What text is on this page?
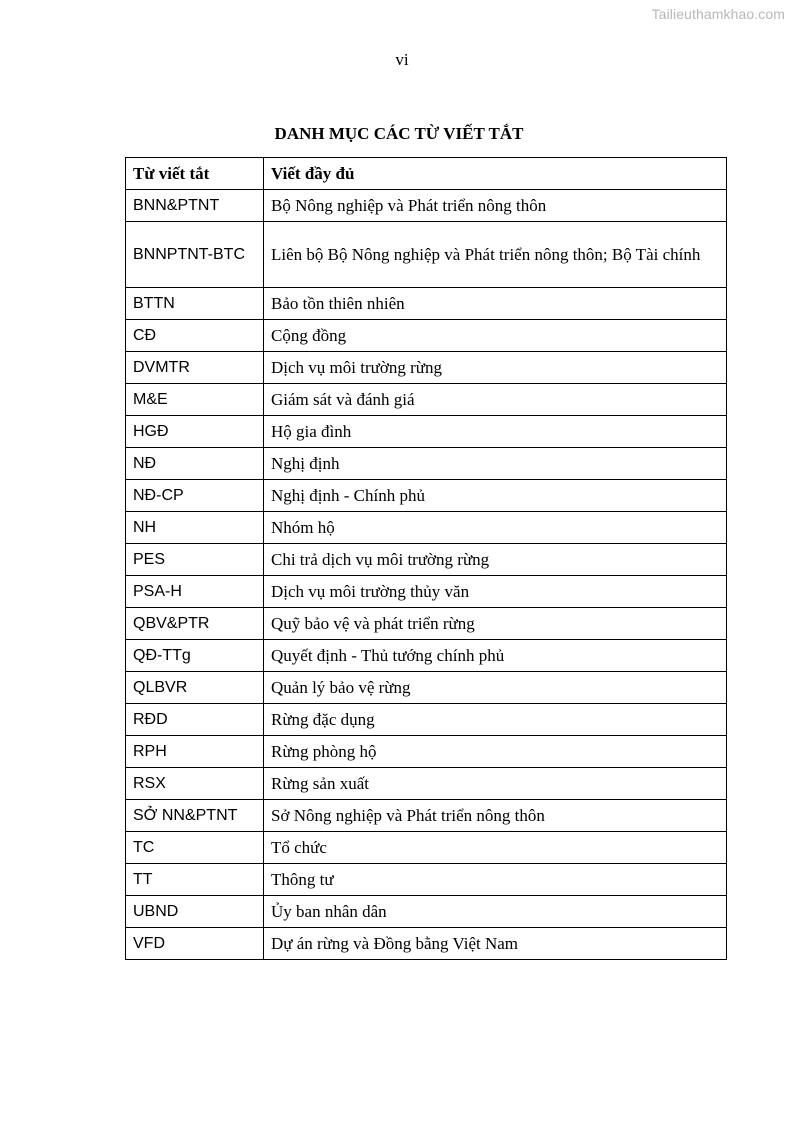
Tailieuthamkhao.com
vi
DANH MỤC CÁC TỪ VIẾT TẮT
Từ viết tắt	Viết đầy đủ
BNN&PTNT	Bộ Nông nghiệp và Phát triển nông thôn
BNNPTNT-BTC	Liên bộ Bộ Nông nghiệp và Phát triển nông thôn; Bộ Tài chính
BTTN	Bảo tồn thiên nhiên
CĐ	Cộng đồng
DVMTR	Dịch vụ môi trường rừng
M&E	Giám sát và đánh giá
HGĐ	Hộ gia đình
NĐ	Nghị định
NĐ-CP	Nghị định - Chính phủ
NH	Nhóm hộ
PES	Chi trả dịch vụ môi trường rừng
PSA-H	Dịch vụ môi trường thủy văn
QBV&PTR	Quỹ bảo vệ và phát triển rừng
QĐ-TTg	Quyết định - Thủ tướng chính phủ
QLBVR	Quản lý bảo vệ rừng
RĐD	Rừng đặc dụng
RPH	Rừng phòng hộ
RSX	Rừng sản xuất
SỞ NN&PTNT	Sở Nông nghiệp và Phát triển nông thôn
TC	Tổ chức
TT	Thông tư
UBND	Ủy ban nhân dân
VFD	Dự án rừng và Đồng bằng Việt Nam
